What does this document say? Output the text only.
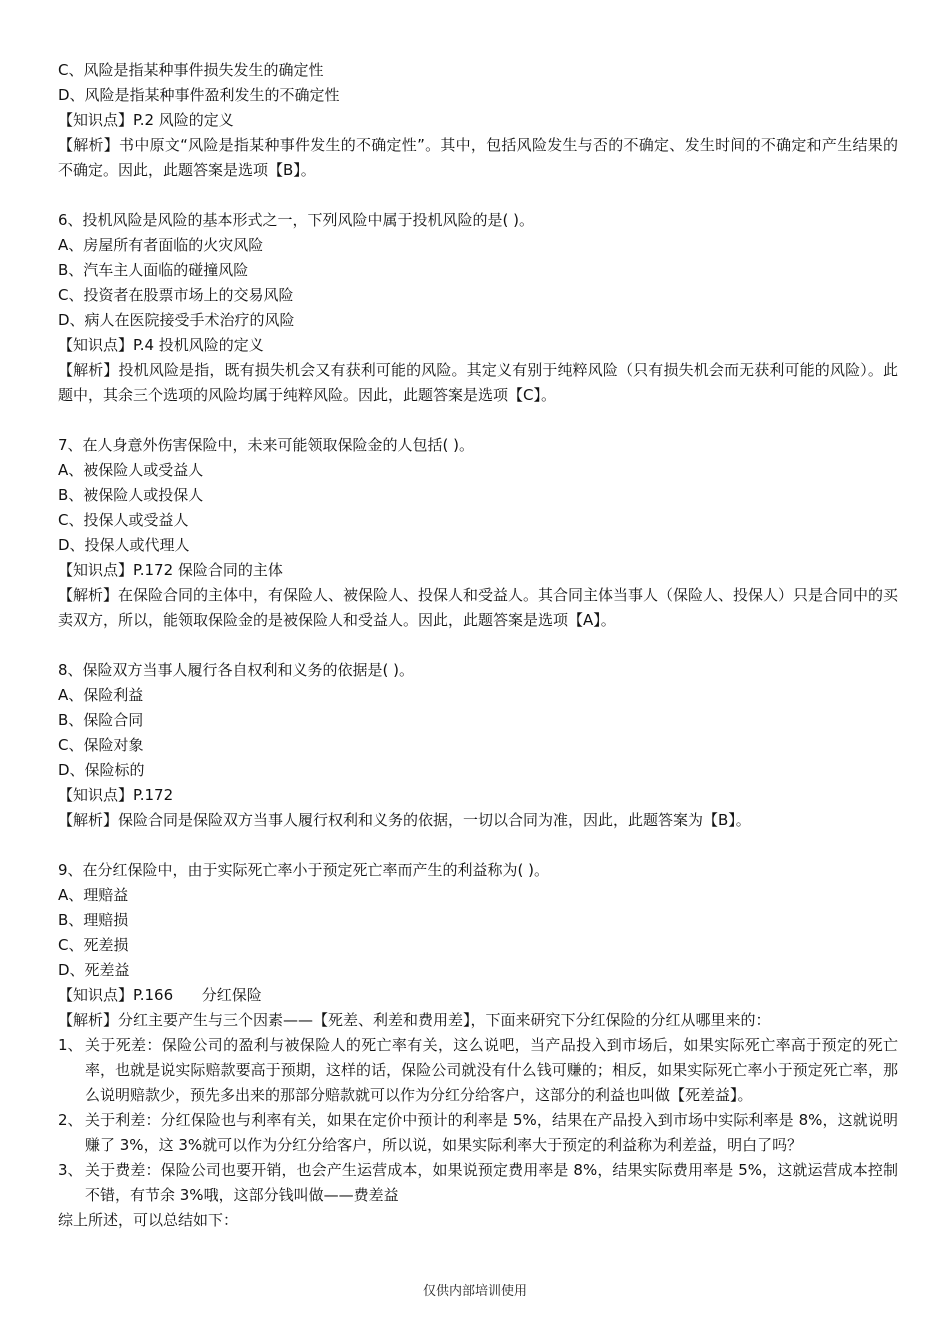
C、风险是指某种事件损失发生的确定性
D、风险是指某种事件盈利发生的不确定性
【知识点】P.2 风险的定义
【解析】书中原文“风险是指某种事件发生的不确定性”。其中，包括风险发生与否的不确定、发生时间的不确定和产生结果的不确定。因此，此题答案是选项【B】。
6、投机风险是风险的基本形式之一，下列风险中属于投机风险的是( )。
A、房屋所有者面临的火灾风险
B、汽车主人面临的碰撞风险
C、投资者在股票市场上的交易风险
D、病人在医院接受手术治疗的风险
【知识点】P.4 投机风险的定义
【解析】投机风险是指，既有损失机会又有获利可能的风险。其定义有别于纯粹风险（只有损失机会而无获利可能的风险）。此题中，其余三个选项的风险均属于纯粹风险。因此，此题答案是选项【C】。
7、在人身意外伤害保险中，未来可能领取保险金的人包括( )。
A、被保险人或受益人
B、被保险人或投保人
C、投保人或受益人
D、投保人或代理人
【知识点】P.172 保险合同的主体
【解析】在保险合同的主体中，有保险人、被保险人、投保人和受益人。其合同主体当事人（保险人、投保人）只是合同中的买卖双方，所以，能领取保险金的是被保险人和受益人。因此，此题答案是选项【A】。
8、保险双方当事人履行各自权利和义务的依据是( )。
A、保险利益
B、保险合同
C、保险对象
D、保险标的
【知识点】P.172
【解析】保险合同是保险双方当事人履行权利和义务的依据，一切以合同为准，因此，此题答案为【B】。
9、在分红保险中，由于实际死亡率小于预定死亡率而产生的利益称为( )。
A、理赔益
B、理赔损
C、死差损
D、死差益
【知识点】P.166      分红保险
【解析】分红主要产生与三个因素——【死差、利差和费用差】，下面来研究下分红保险的分红从哪里来的：
1、 关于死差：保险公司的盈利与被保险人的死亡率有关，这么说吧，当产品投入到市场后，如果实际死亡率高于预定的死亡率，也就是说实际赔款要高于预期，这样的话，保险公司就没有什么钱可赚的；相反，如果实际死亡率小于预定死亡率，那么说明赔款少，预先多出来的那部分赔款就可以作为分红分给客户，这部分的利益也叫做【死差益】。
2、 关于利差：分红保险也与利率有关，如果在定价中预计的利率是 5%，结果在产品投入到市场中实际利率是 8%，这就说明赚了 3%，这 3%就可以作为分红分给客户，所以说，如果实际利率大于预定的利益称为利差益，明白了吗？
3、 关于费差：保险公司也要开销，也会产生运营成本，如果说预定费用率是 8%，结果实际费用率是 5%，这就运营成本控制不错，有节余 3%哦，这部分钱叫做——费差益
综上所述，可以总结如下：
仅供内部培训使用
